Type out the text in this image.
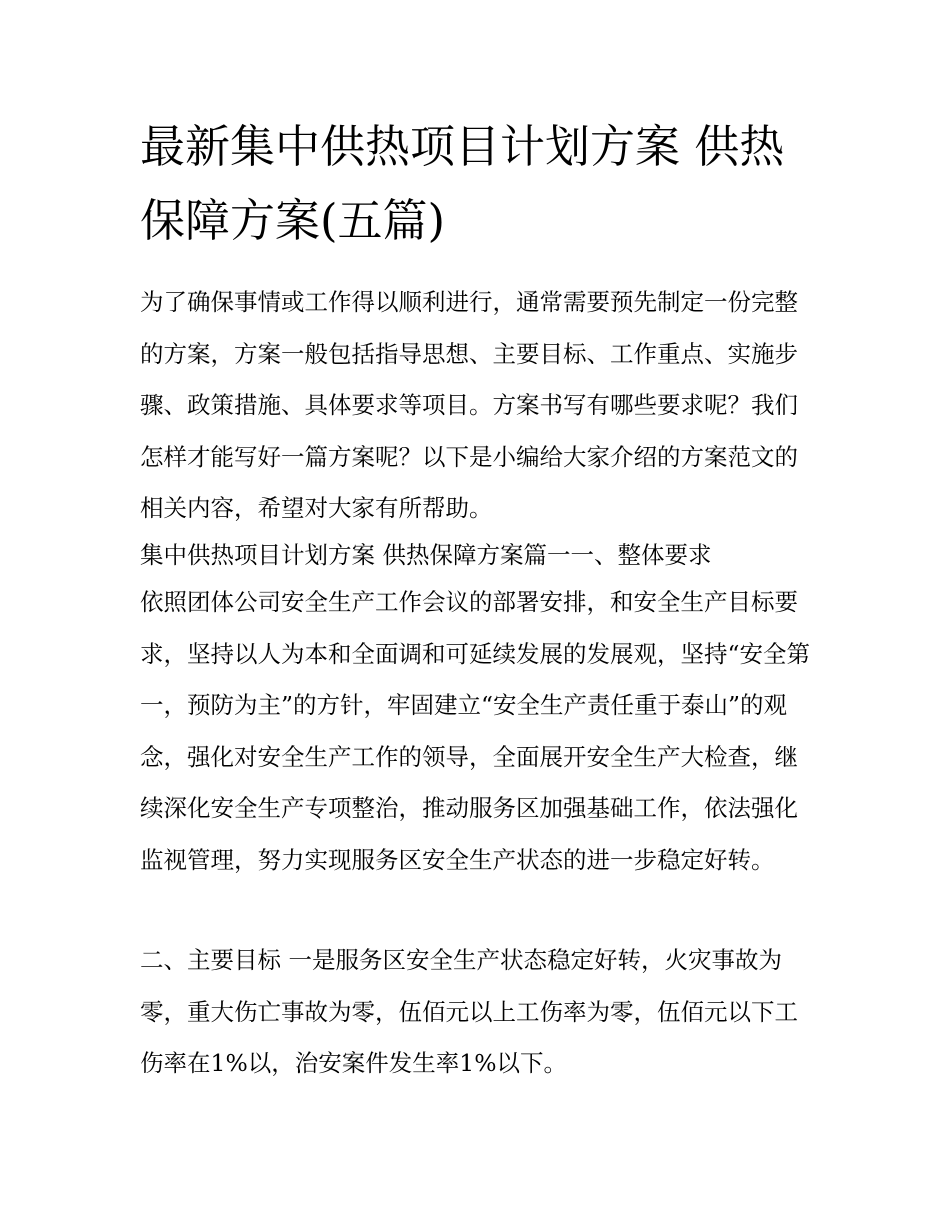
最新集中供热项目计划方案 供热保障方案(五篇)

为了确保事情或工作得以顺利进行，通常需要预先制定一份完整的方案，方案一般包括指导思想、主要目标、工作重点、实施步骤、政策措施、具体要求等项目。方案书写有哪些要求呢？我们怎样才能写好一篇方案呢？以下是小编给大家介绍的方案范文的相关内容，希望对大家有所帮助。

集中供热项目计划方案 供热保障方案篇一一、整体要求

依照团体公司安全生产工作会议的部署安排，和安全生产目标要求，坚持以人为本和全面调和可延续发展的发展观，坚持“安全第一，预防为主”的方针，牢固建立“安全生产责任重于泰山”的观念，强化对安全生产工作的领导，全面展开安全生产大检查，继续深化安全生产专项整治，推动服务区加强基础工作，依法强化监视管理，努力实现服务区安全生产状态的进一步稳定好转。

二、主要目标 一是服务区安全生产状态稳定好转，火灾事故为零，重大伤亡事故为零，伍佰元以上工伤率为零，伍佰元以下工伤率在1%以，治安案件发生率1%以下。
